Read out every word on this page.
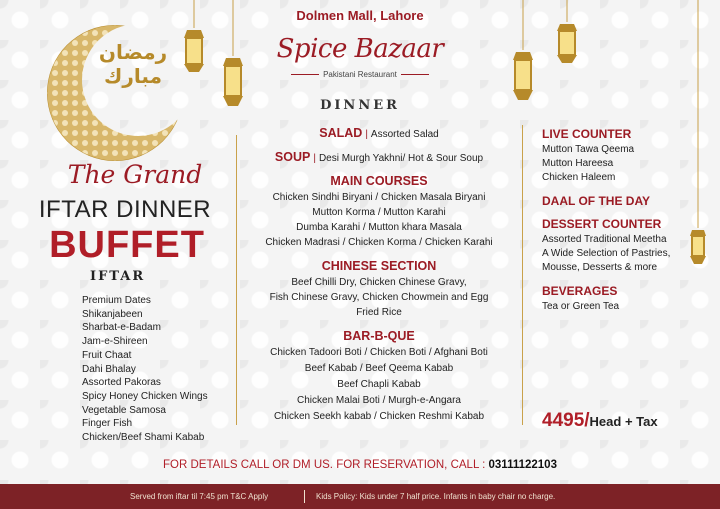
رمضان
مبارك
Dolmen Mall, Lahore
Spice Bazaar
Pakistani Restaurant
DINNER
The Grand
IFTAR DINNER
BUFFET
IFTAR
Premium Dates
Shikanjabeen
Sharbat-e-Badam
Jam-e-Shireen
Fruit Chaat
Dahi Bhalay
Assorted Pakoras
Spicy Honey Chicken Wings
Vegetable Samosa
Finger Fish
Chicken/Beef Shami Kabab
SALAD | Assorted Salad
SOUP | Desi Murgh Yakhni/ Hot & Sour Soup
MAIN COURSES
Chicken Sindhi Biryani / Chicken Masala Biryani
Mutton Korma / Mutton Karahi
Dumba Karahi / Mutton khara Masala
Chicken Madrasi / Chicken Korma / Chicken Karahi
CHINESE SECTION
Beef Chilli Dry, Chicken Chinese Gravy,
Fish Chinese Gravy, Chicken Chowmein and Egg
Fried Rice
BAR-B-QUE
Chicken Tadoori Boti / Chicken Boti / Afghani Boti
Beef Kabab / Beef Qeema Kabab
Beef Chapli Kabab
Chicken Malai Boti / Murgh-e-Angara
Chicken Seekh kabab / Chicken Reshmi Kabab
LIVE COUNTER
Mutton Tawa Qeema
Mutton Hareesa
Chicken Haleem
DAAL OF THE DAY
DESSERT COUNTER
Assorted Traditional Meetha
A Wide Selection of Pastries,
Mousse, Desserts & more
BEVERAGES
Tea or Green Tea
4495/Head + Tax
FOR DETAILS CALL OR DM US. FOR RESERVATION, CALL : 03111122103
Served from iftar til 7:45 pm T&C Apply	Kids Policy: Kids under 7 half price. Infants in baby chair no charge.
